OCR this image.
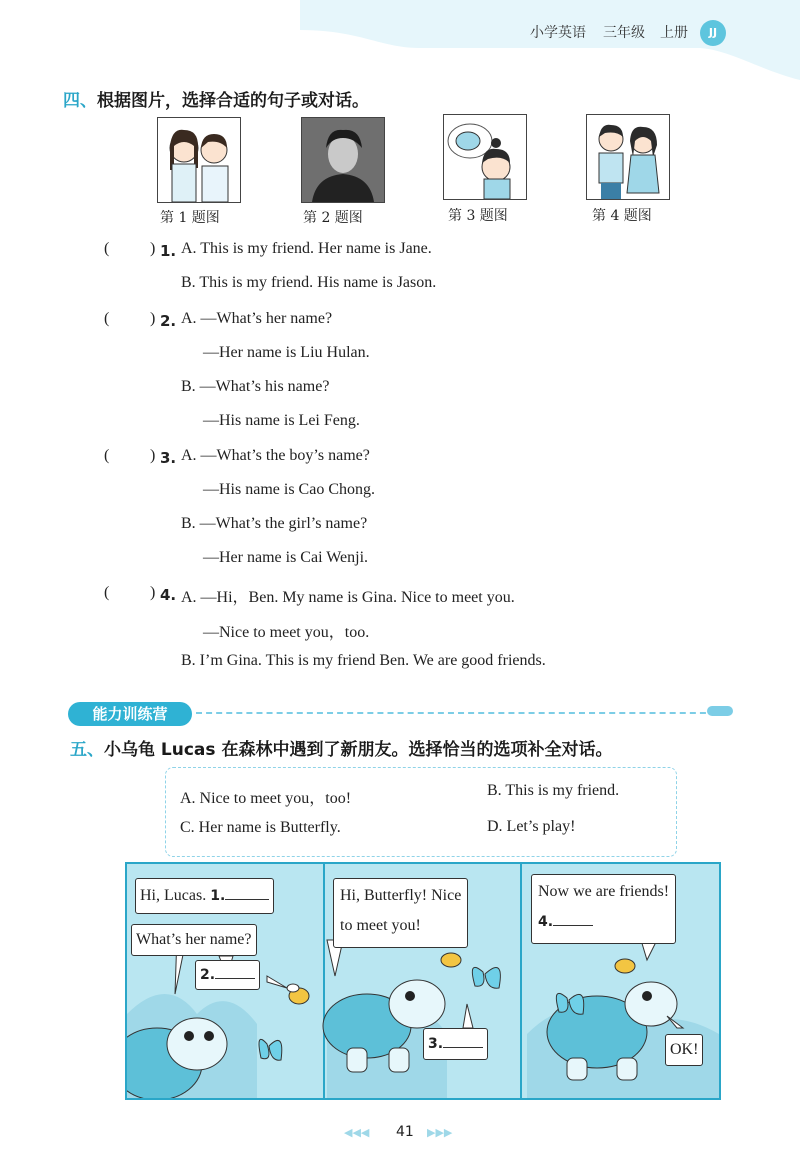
小学英语 三年级 上册	JJ
四、根据图片，选择合适的句子或对话。
第 1 题图	第 2 题图	第 3 题图	第 4 题图
(	) 1. A. This is my friend. Her name is Jane.
B. This is my friend. His name is Jason.
(	) 2. A. —What’s her name?
—Her name is Liu Hulan.
B. —What’s his name?
—His name is Lei Feng.
(	) 3. A. —What’s the boy’s name?
—His name is Cao Chong.
B. —What’s the girl’s name?
—Her name is Cai Wenji.
(	) 4. A. —Hi，Ben. My name is Gina. Nice to meet you.
—Nice to meet you，too.
B. I’m Gina. This is my friend Ben. We are good friends.
能力训练营
五、小乌龟 Lucas 在森林中遇到了新朋友。选择恰当的选项补全对话。
A. Nice to meet you，too!	B. This is my friend.
C. Her name is Butterfly.	D. Let’s play!
Hi, Lucas. 1.
What’s her name?
2.
Hi, Butterfly! Nice
to meet you!
3.
Now we are friends!
4.
OK!
◀◀◀ 41 ▶▶▶
